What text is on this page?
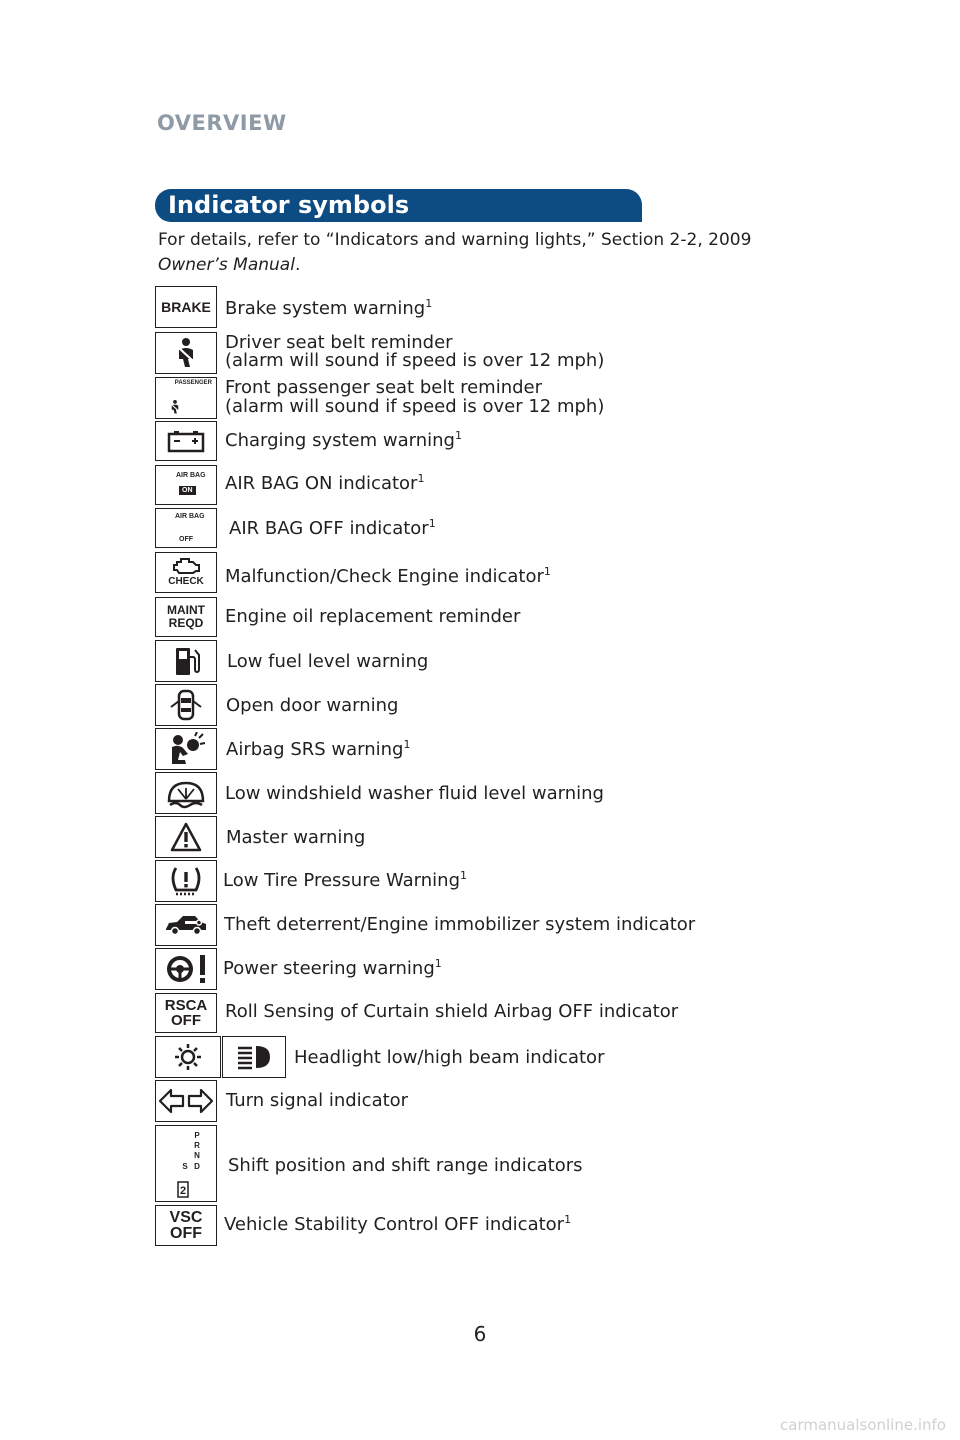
OVERVIEW
Indicator symbols
For details, refer to “Indicators and warning lights,” Section 2-2, 2009
Owner’s Manual.
BRAKE Brake system warning$^1$
Driver seat belt reminder
(alarm will sound if speed is over 12 mph)
PASSENGER Front passenger seat belt reminder
(alarm will sound if speed is over 12 mph)
Charging system warning$^1$
AIR BAG
ON AIR BAG ON indicator$^1$
AIR BAG
OFF
AIR BAG OFF indicator$^1$
CHECK	Malfunction/Check Engine indicator$^1$
MAINT
REQD Engine oil replacement reminder
Low fuel level warning
Open door warning
Airbag SRS warning$^1$
Low windshield washer fluid level warning
Master warning
Low Tire Pressure Warning$^1$
Theft deterrent/Engine immobilizer system indicator
Power steering warning$^1$
RSCA
OFF Roll Sensing of Curtain shield Airbag OFF indicator
Headlight low/high beam indicator
Turn signal indicator
P
R
N
S D
2
Shift position and shift range indicators
VSC
OFF Vehicle Stability Control OFF indicator$^1$
6
carmanualsonline.info
